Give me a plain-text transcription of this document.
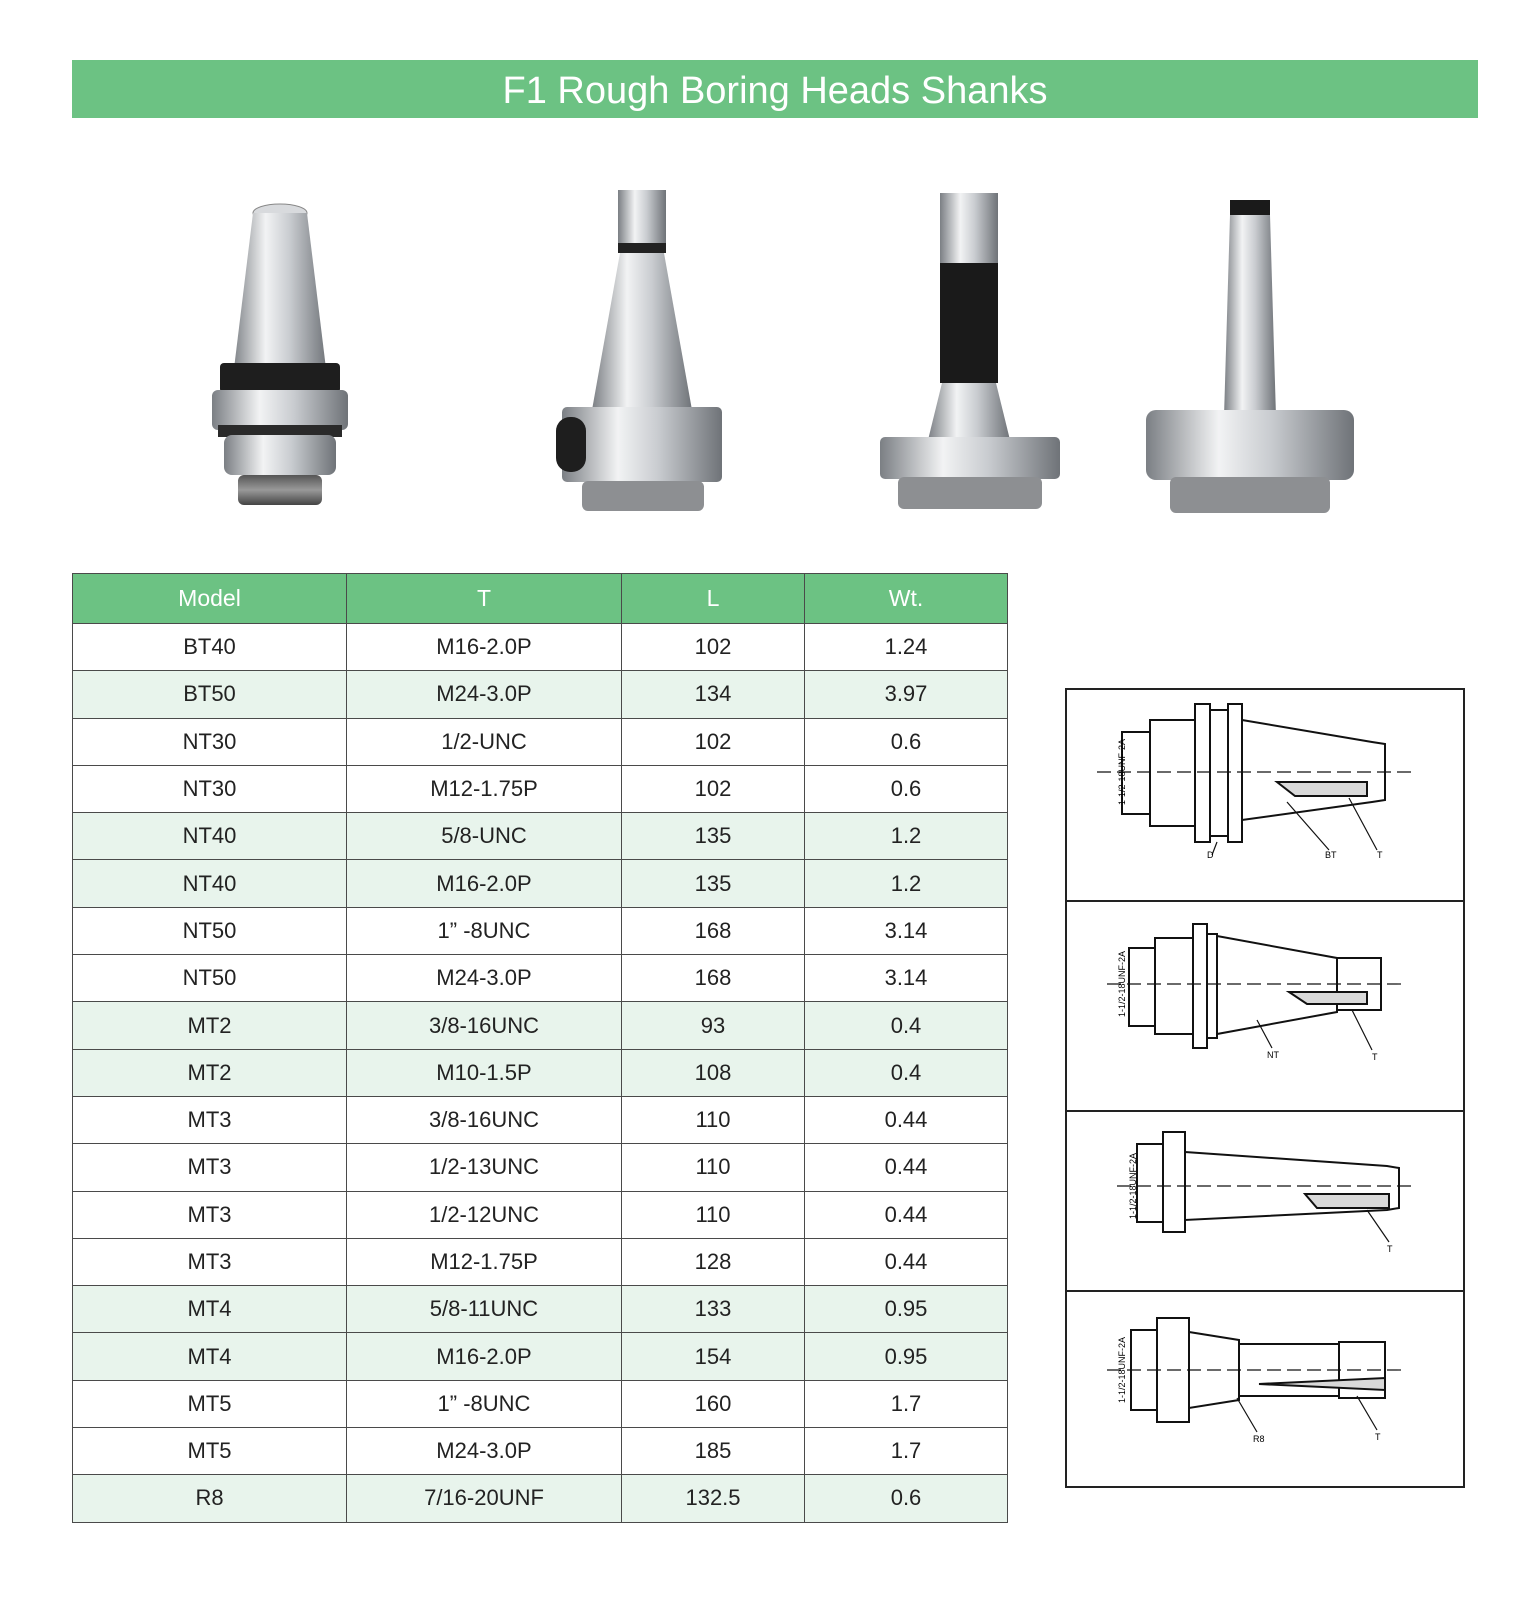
F1 Rough Boring Heads Shanks
Model	T	L	Wt.
BT40	M16-2.0P	102	1.24
BT50	M24-3.0P	134	3.97
NT30	1/2-UNC	102	0.6
NT30	M12-1.75P	102	0.6
NT40	5/8-UNC	135	1.2
NT40	M16-2.0P	135	1.2
NT50	1” -8UNC	168	3.14
NT50	M24-3.0P	168	3.14
MT2	3/8-16UNC	93	0.4
MT2	M10-1.5P	108	0.4
MT3	3/8-16UNC	110	0.44
MT3	1/2-13UNC	110	0.44
MT3	1/2-12UNC	110	0.44
MT3	M12-1.75P	128	0.44
MT4	5/8-11UNC	133	0.95
MT4	M16-2.0P	154	0.95
MT5	1” -8UNC	160	1.7
MT5	M24-3.0P	185	1.7
R8	7/16-20UNF	132.5	0.6
1-1/2-18UNF-2A
D	BT	T
1-1/2-18UNF-2A
NT	T
1-1/2-18UNF-2A
T
1-1/2-18UNF-2A
R8	T
